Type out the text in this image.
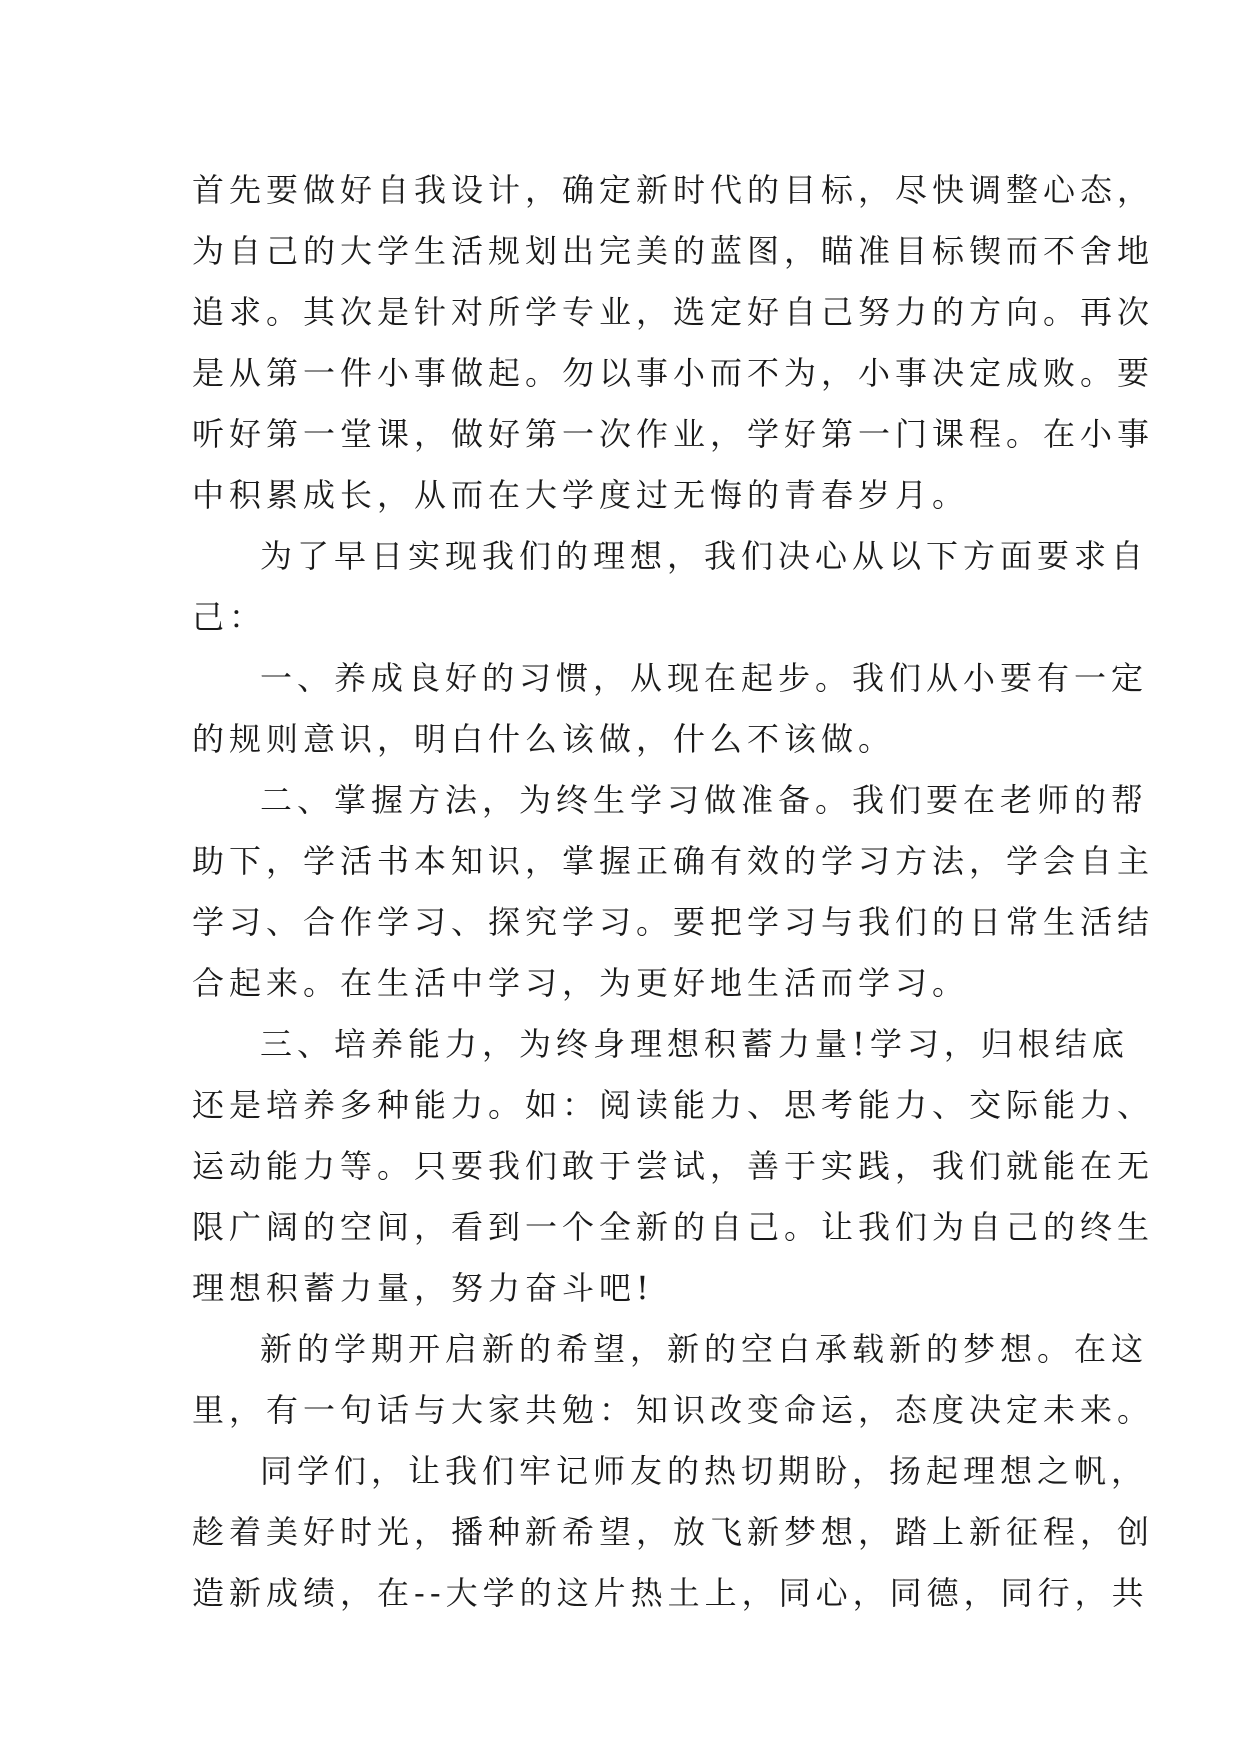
首先要做好自我设计，确定新时代的目标，尽快调整心态，
为自己的大学生活规划出完美的蓝图，瞄准目标锲而不舍地
追求。其次是针对所学专业，选定好自己努力的方向。再次
是从第一件小事做起。勿以事小而不为，小事决定成败。要
听好第一堂课，做好第一次作业，学好第一门课程。在小事
中积累成长，从而在大学度过无悔的青春岁月。
为了早日实现我们的理想，我们决心从以下方面要求自
己：
一、养成良好的习惯，从现在起步。我们从小要有一定
的规则意识，明白什么该做，什么不该做。
二、掌握方法，为终生学习做准备。我们要在老师的帮
助下，学活书本知识，掌握正确有效的学习方法，学会自主
学习、合作学习、探究学习。要把学习与我们的日常生活结
合起来。在生活中学习，为更好地生活而学习。
三、培养能力，为终身理想积蓄力量!学习，归根结底
还是培养多种能力。如：阅读能力、思考能力、交际能力、
运动能力等。只要我们敢于尝试，善于实践，我们就能在无
限广阔的空间，看到一个全新的自己。让我们为自己的终生
理想积蓄力量，努力奋斗吧!
新的学期开启新的希望，新的空白承载新的梦想。在这
里，有一句话与大家共勉：知识改变命运，态度决定未来。
同学们，让我们牢记师友的热切期盼，扬起理想之帆，
趁着美好时光，播种新希望，放飞新梦想，踏上新征程，创
造新成绩，在--大学的这片热土上，同心，同德，同行，共
